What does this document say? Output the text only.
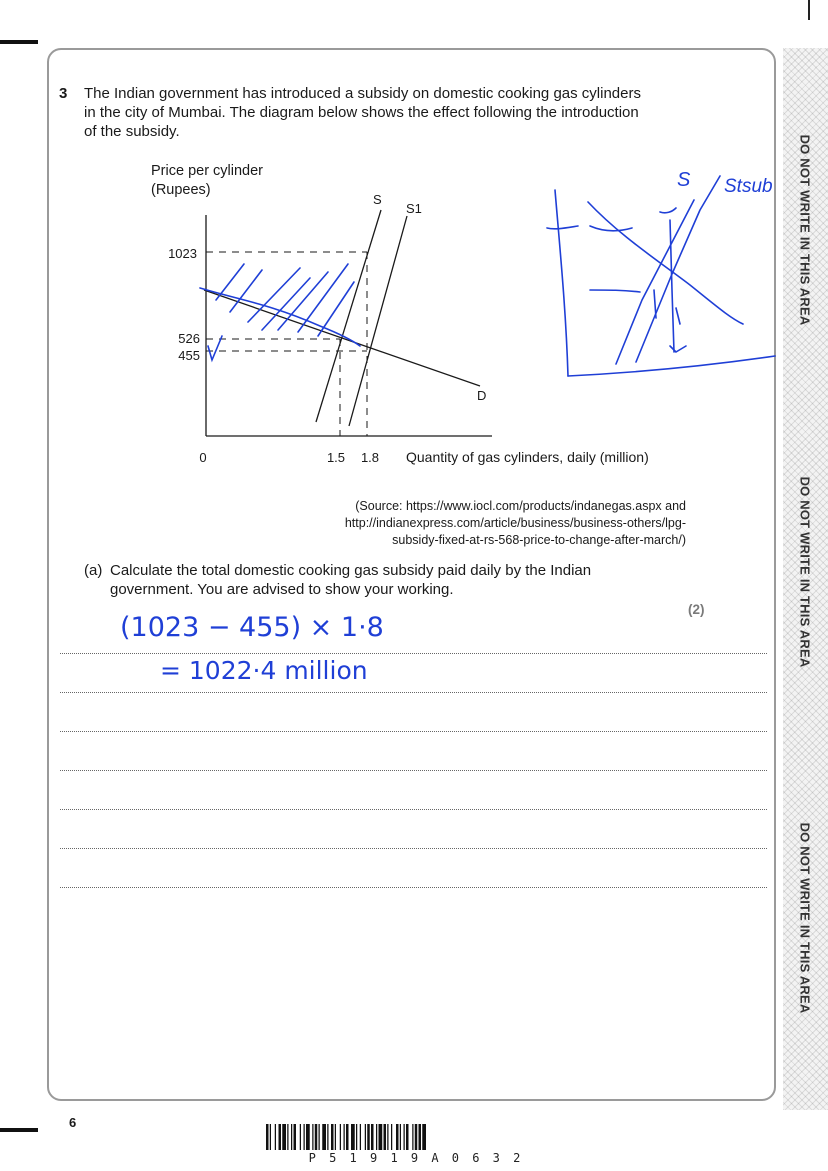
DO NOT WRITE IN THIS AREA
DO NOT WRITE IN THIS AREA
DO NOT WRITE IN THIS AREA
3 The Indian government has introduced a subsidy on domestic cooking gas cylinders
in the city of Mumbai. The diagram below shows the effect following the introduction
of the subsidy.
Price per cylinder
(Rupees)
1023
526
455
0	1.5 1.8 Quantity of gas cylinders, daily (million)
S
S1
D
S Stsub
(Source: https://www.iocl.com/products/indanegas.aspx and
http://indianexpress.com/article/business/business-others/lpg-
subsidy-fixed-at-rs-568-price-to-change-after-march/)
(a) Calculate the total domestic cooking gas subsidy paid daily by the Indian
government. You are advised to show your working.
(2)
(1023 − 455) × 1·8
= 1022·4 million
6
P 5 1 9 1 9 A 0 6 3 2
